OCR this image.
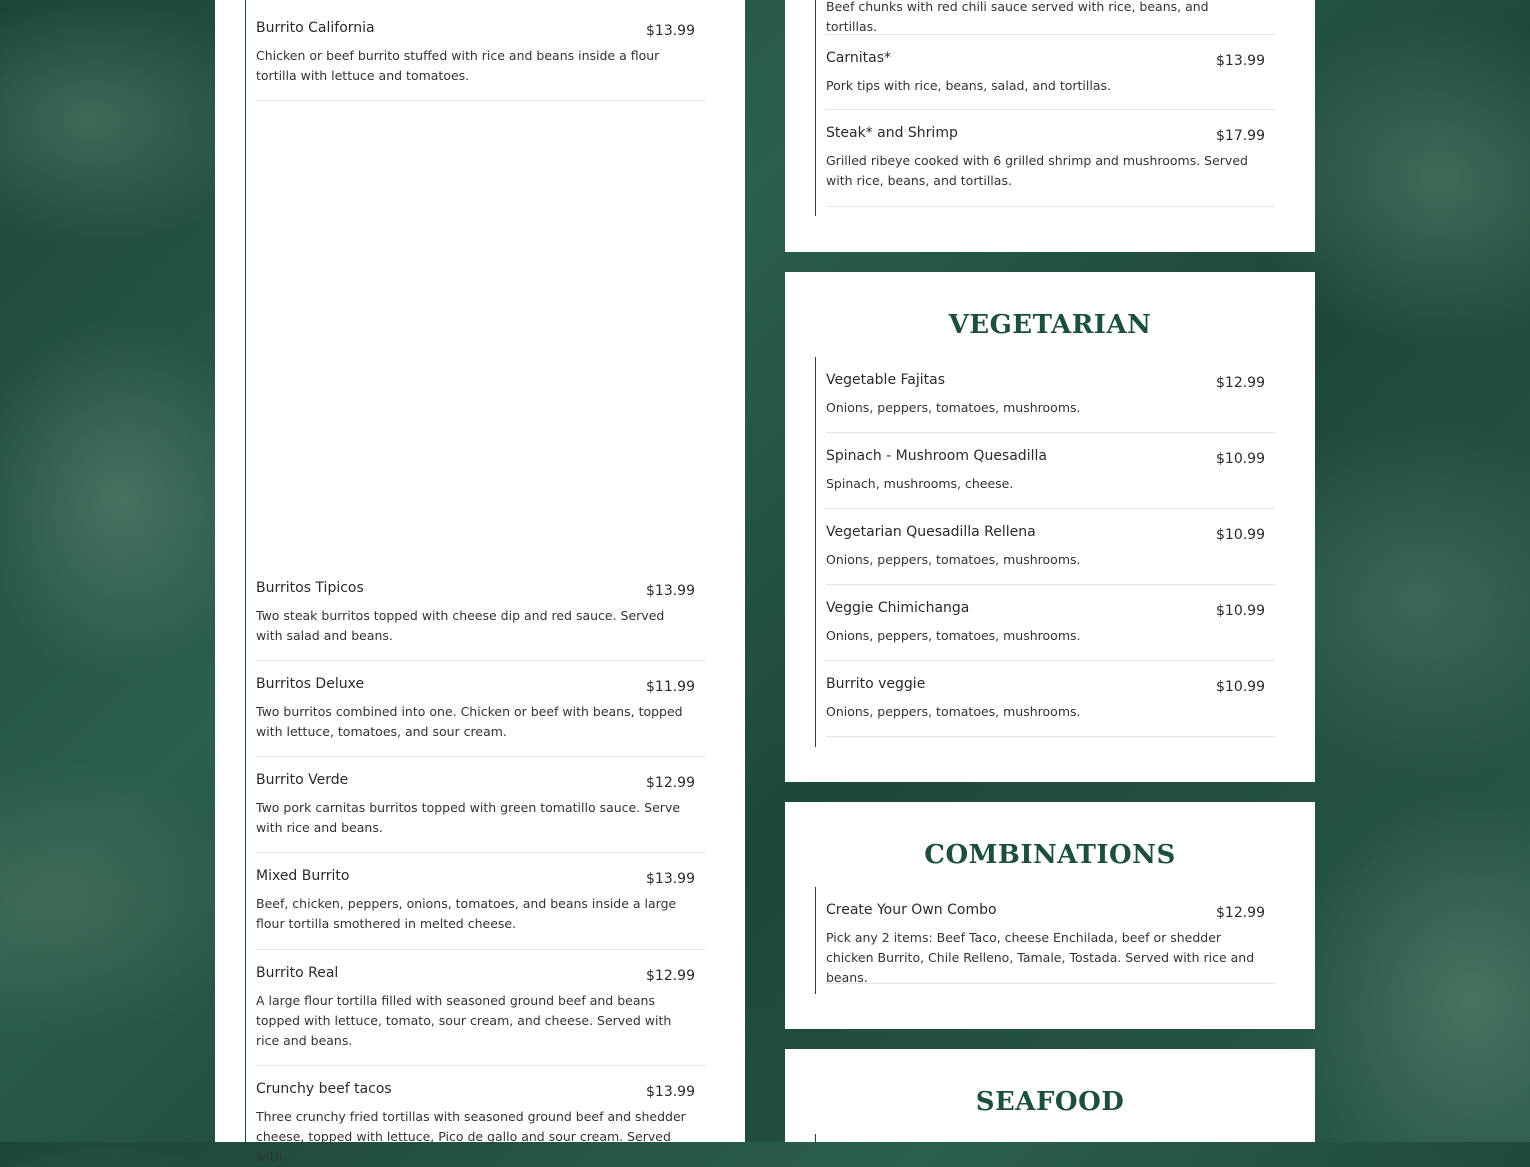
Burrito California	$13.99
Chicken or beef burrito stuffed with rice and beans inside a flour tortilla with lettuce and tomatoes.
Burritos Tipicos	$13.99
Two steak burritos topped with cheese dip and red sauce. Served with salad and beans.
Burritos Deluxe	$11.99
Two burritos combined into one. Chicken or beef with beans, topped with lettuce, tomatoes, and sour cream.
Burrito Verde	$12.99
Two pork carnitas burritos topped with green tomatillo sauce. Serve with rice and beans.
Mixed Burrito	$13.99
Beef, chicken, peppers, onions, tomatoes, and beans inside a large flour tortilla smothered in melted cheese.
Burrito Real	$12.99
A large flour tortilla filled with seasoned ground beef and beans topped with lettuce, tomato, sour cream, and cheese. Served with rice and beans.
Crunchy beef tacos	$13.99
Three crunchy fried tortillas with seasoned ground beef and shedder cheese, topped with lettuce, Pico de gallo and sour cream. Served with
Beef chunks with red chili sauce served with rice, beans, and tortillas.
Carnitas*	$13.99
Pork tips with rice, beans, salad, and tortillas.
Steak* and Shrimp	$17.99
Grilled ribeye cooked with 6 grilled shrimp and mushrooms. Served with rice, beans, and tortillas.
VEGETARIAN
Vegetable Fajitas	$12.99
Onions, peppers, tomatoes, mushrooms.
Spinach - Mushroom Quesadilla	$10.99
Spinach, mushrooms, cheese.
Vegetarian Quesadilla Rellena	$10.99
Onions, peppers, tomatoes, mushrooms.
Veggie Chimichanga	$10.99
Onions, peppers, tomatoes, mushrooms.
Burrito veggie	$10.99
Onions, peppers, tomatoes, mushrooms.
COMBINATIONS
Create Your Own Combo	$12.99
Pick any 2 items: Beef Taco, cheese Enchilada, beef or shedder chicken Burrito, Chile Relleno, Tamale, Tostada. Served with rice and beans.
SEAFOOD
